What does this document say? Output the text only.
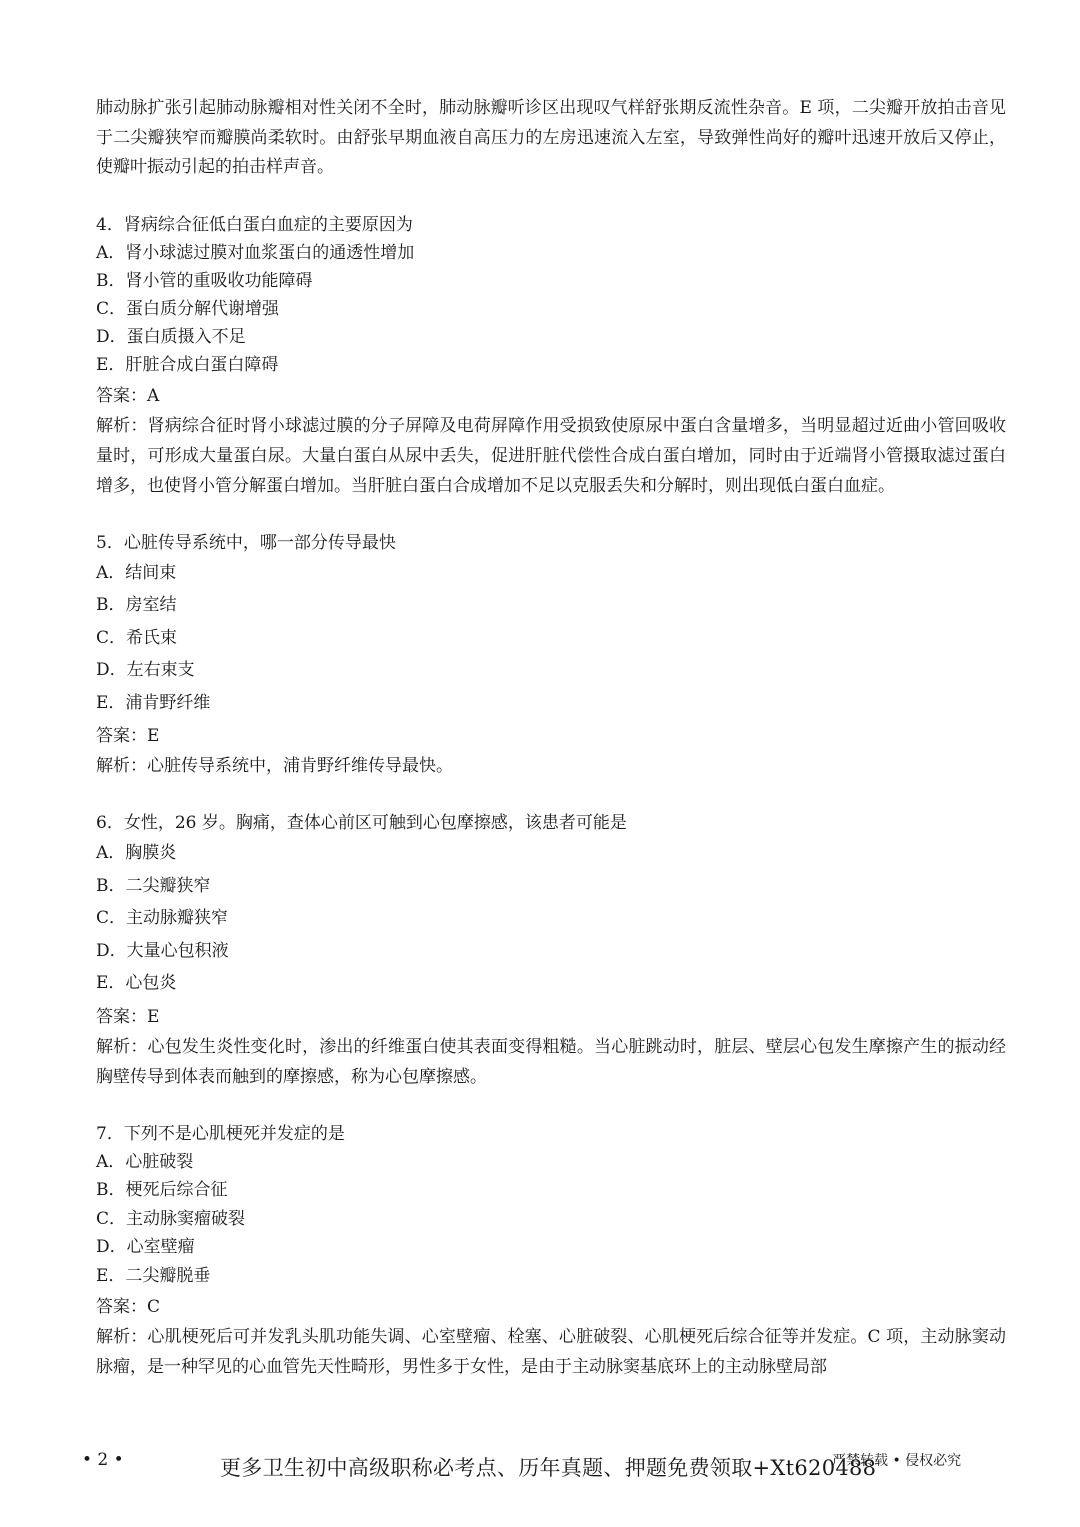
肺动脉扩张引起肺动脉瓣相对性关闭不全时，肺动脉瓣听诊区出现叹气样舒张期反流性杂音。E 项，二尖瓣开放拍击音见于二尖瓣狭窄而瓣膜尚柔软时。由舒张早期血液自高压力的左房迅速流入左室，导致弹性尚好的瓣叶迅速开放后又停止，使瓣叶振动引起的拍击样声音。

4．肾病综合征低白蛋白血症的主要原因为

A．肾小球滤过膜对血浆蛋白的通透性增加

B．肾小管的重吸收功能障碍

C．蛋白质分解代谢增强

D．蛋白质摄入不足

E．肝脏合成白蛋白障碍

答案：A

解析：肾病综合征时肾小球滤过膜的分子屏障及电荷屏障作用受损致使原尿中蛋白含量增多，当明显超过近曲小管回吸收量时，可形成大量蛋白尿。大量白蛋白从尿中丢失，促进肝脏代偿性合成白蛋白增加，同时由于近端肾小管摄取滤过蛋白增多，也使肾小管分解蛋白增加。当肝脏白蛋白合成增加不足以克服丢失和分解时，则出现低白蛋白血症。

5．心脏传导系统中，哪一部分传导最快

A．结间束

B．房室结

C．希氏束

D．左右束支

E．浦肯野纤维

答案：E

解析：心脏传导系统中，浦肯野纤维传导最快。

6．女性，26 岁。胸痛，查体心前区可触到心包摩擦感，该患者可能是

A．胸膜炎

B．二尖瓣狭窄

C．主动脉瓣狭窄

D．大量心包积液

E．心包炎

答案：E

解析：心包发生炎性变化时，渗出的纤维蛋白使其表面变得粗糙。当心脏跳动时，脏层、壁层心包发生摩擦产生的振动经胸壁传导到体表而触到的摩擦感，称为心包摩擦感。

7．下列不是心肌梗死并发症的是

A．心脏破裂

B．梗死后综合征

C．主动脉窦瘤破裂

D．心室壁瘤

E．二尖瓣脱垂

答案：C

解析：心肌梗死后可并发乳头肌功能失调、心室壁瘤、栓塞、心脏破裂、心肌梗死后综合征等并发症。C 项，主动脉窦动脉瘤，是一种罕见的心血管先天性畸形，男性多于女性，是由于主动脉窦基底环上的主动脉壁局部

• 2 •	更多卫生初中高级职称必考点、历年真题、押题免费领取+Xt620488
严禁转载 • 侵权必究
